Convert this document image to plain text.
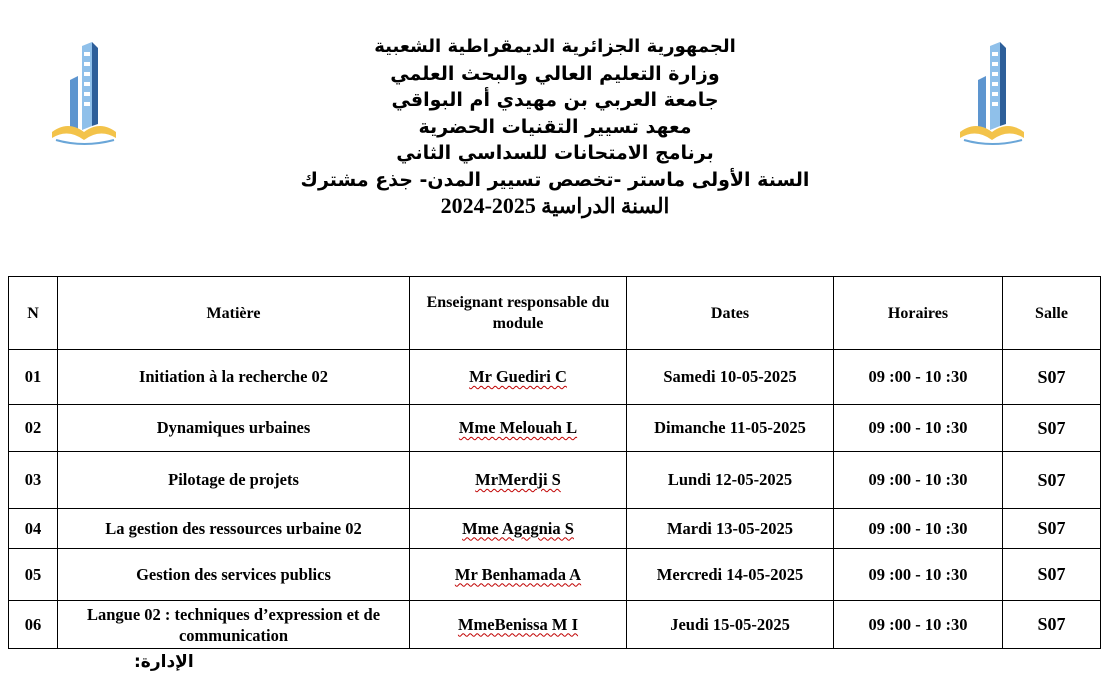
الجمهورية الجزائرية الديمقراطية الشعبية
وزارة التعليم العالي والبحث العلمي
جامعة العربي بن مهيدي أم البواقي
معهد تسيير التقنيات الحضرية
برنامج الامتحانات للسداسي الثاني
السنة الأولى ماستر -تخصص تسيير المدن- جذع مشترك
السنة الدراسية 2024-2025
N	Matière	Enseignant responsable du module	Dates	Horaires	Salle
01	Initiation à la recherche 02	Mr Guediri C	Samedi 10-05-2025	09 :00 - 10 :30	S07
02	Dynamiques urbaines	Mme Melouah L	Dimanche 11-05-2025	09 :00 - 10 :30	S07
03	Pilotage de projets	MrMerdji S	Lundi 12-05-2025	09 :00 - 10 :30	S07
04	La gestion des ressources urbaine 02	Mme Agagnia S	Mardi 13-05-2025	09 :00 - 10 :30	S07
05	Gestion des services publics	Mr Benhamada A	Mercredi 14-05-2025	09 :00 - 10 :30	S07
06	Langue 02 : techniques d’expression et de communication	MmeBenissa M I	Jeudi 15-05-2025	09 :00 - 10 :30	S07
الإدارة:
